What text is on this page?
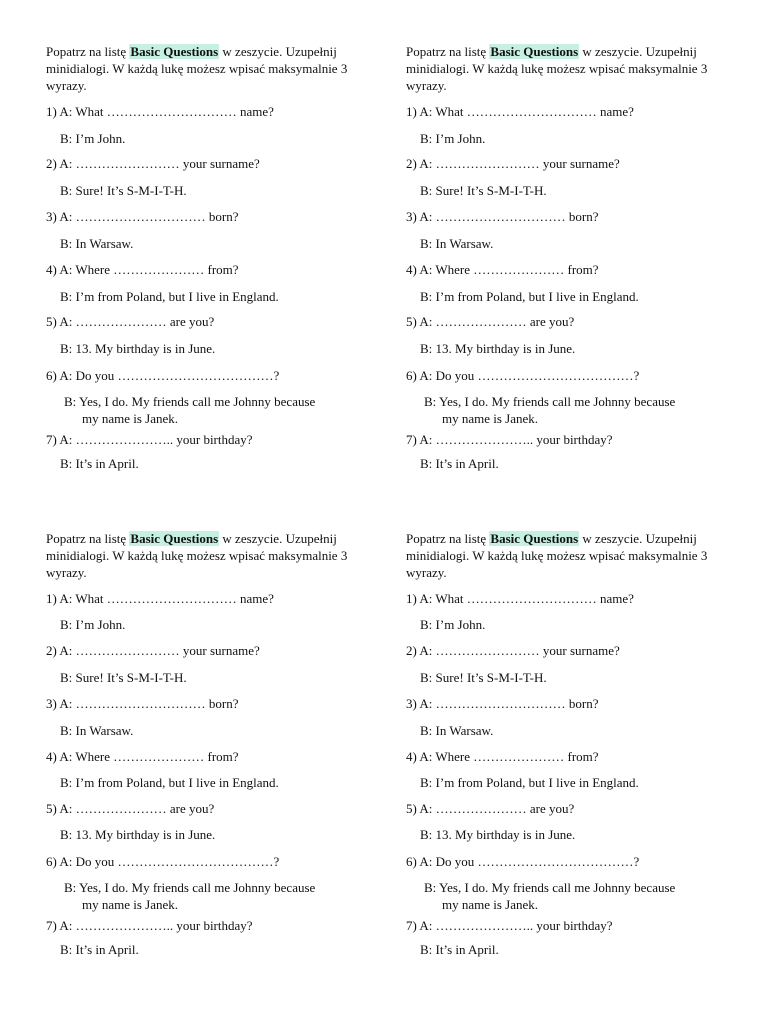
Popatrz na listę Basic Questions w zeszycie. Uzupełnij minidialogi. W każdą lukę możesz wpisać maksymalnie 3 wyrazy.

1) A: What ………………………… name?
B: I’m John.
2) A: …………………… your surname?
B: Sure! It’s S-M-I-T-H.
3) A: ………………………… born?
B: In Warsaw.
4) A: Where ………………… from?
B: I’m from Poland, but I live in England.
5) A: ………………… are you?
B: 13. My birthday is in June.
6) A: Do you ………………………………?
B: Yes, I do. My friends call me Johnny because
my name is Janek.
7) A: ………………….. your birthday?
B: It’s in April.

Popatrz na listę Basic Questions w zeszycie. Uzupełnij minidialogi. W każdą lukę możesz wpisać maksymalnie 3 wyrazy.

1) A: What ………………………… name?
B: I’m John.
2) A: …………………… your surname?
B: Sure! It’s S-M-I-T-H.
3) A: ………………………… born?
B: In Warsaw.
4) A: Where ………………… from?
B: I’m from Poland, but I live in England.
5) A: ………………… are you?
B: 13. My birthday is in June.
6) A: Do you ………………………………?
B: Yes, I do. My friends call me Johnny because
my name is Janek.
7) A: ………………….. your birthday?
B: It’s in April.

Popatrz na listę Basic Questions w zeszycie. Uzupełnij minidialogi. W każdą lukę możesz wpisać maksymalnie 3 wyrazy.

1) A: What ………………………… name?
B: I’m John.
2) A: …………………… your surname?
B: Sure! It’s S-M-I-T-H.
3) A: ………………………… born?
B: In Warsaw.
4) A: Where ………………… from?
B: I’m from Poland, but I live in England.
5) A: ………………… are you?
B: 13. My birthday is in June.
6) A: Do you ………………………………?
B: Yes, I do. My friends call me Johnny because
my name is Janek.
7) A: ………………….. your birthday?
B: It’s in April.

Popatrz na listę Basic Questions w zeszycie. Uzupełnij minidialogi. W każdą lukę możesz wpisać maksymalnie 3 wyrazy.

1) A: What ………………………… name?
B: I’m John.
2) A: …………………… your surname?
B: Sure! It’s S-M-I-T-H.
3) A: ………………………… born?
B: In Warsaw.
4) A: Where ………………… from?
B: I’m from Poland, but I live in England.
5) A: ………………… are you?
B: 13. My birthday is in June.
6) A: Do you ………………………………?
B: Yes, I do. My friends call me Johnny because
my name is Janek.
7) A: ………………….. your birthday?
B: It’s in April.
